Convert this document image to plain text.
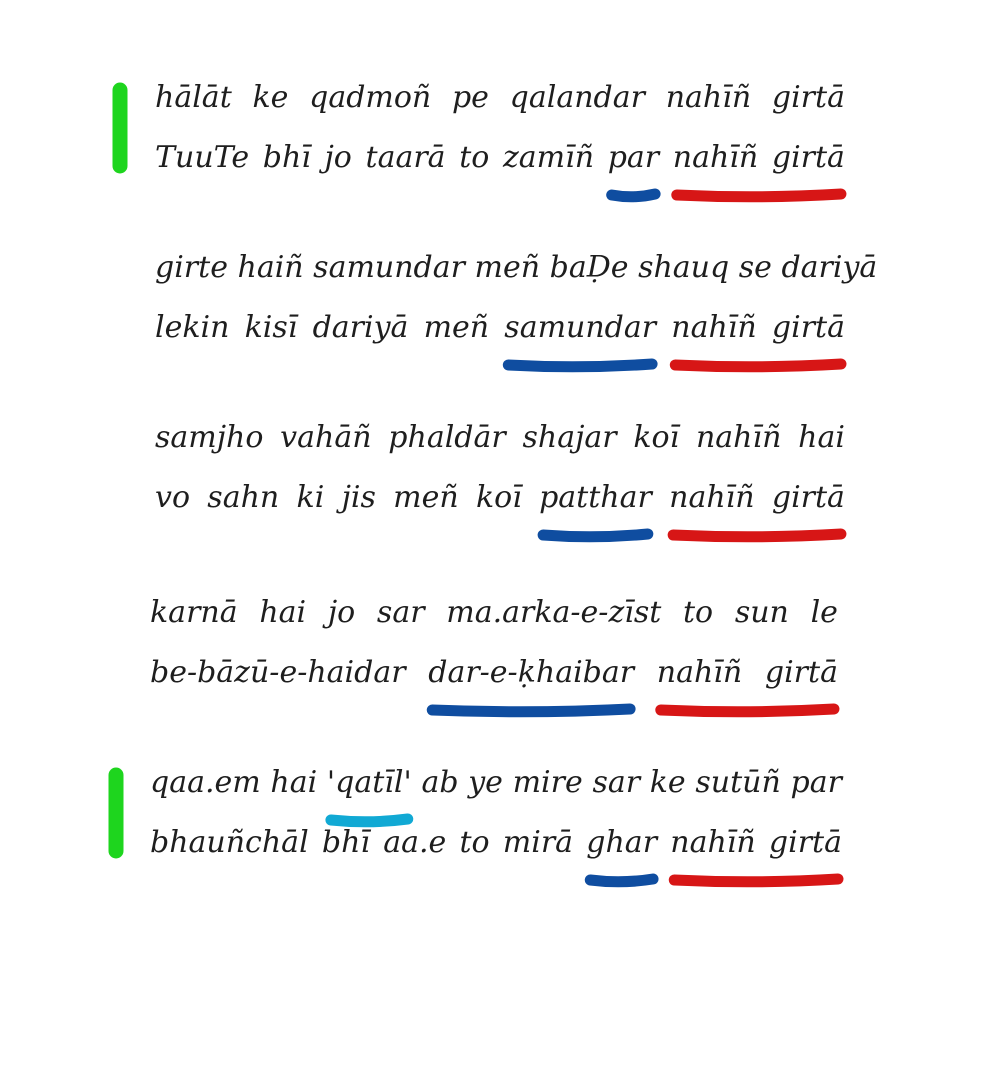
hālāt ke qadmoñ pe qalandar nahīñ girtā

TuuTe bhī jo taarā to zamīñ par nahīñ girtā

girte haiñ samundar meñ baḌe shauq se dariyā

lekin kisī dariyā meñ samundar nahīñ girtā

samjho vahāñ phaldār shajar koī nahīñ hai

vo sahn ki jis meñ koī patthar nahīñ girtā

karnā hai jo sar ma.arka-e-zīst to sun le

be-bāzū-e-haidar dar-e-ḳhaibar nahīñ girtā

qaa.em hai 'qatīl' ab ye mire sar ke sutūñ par

bhauñchāl bhī aa.e to mirā ghar nahīñ girtā
